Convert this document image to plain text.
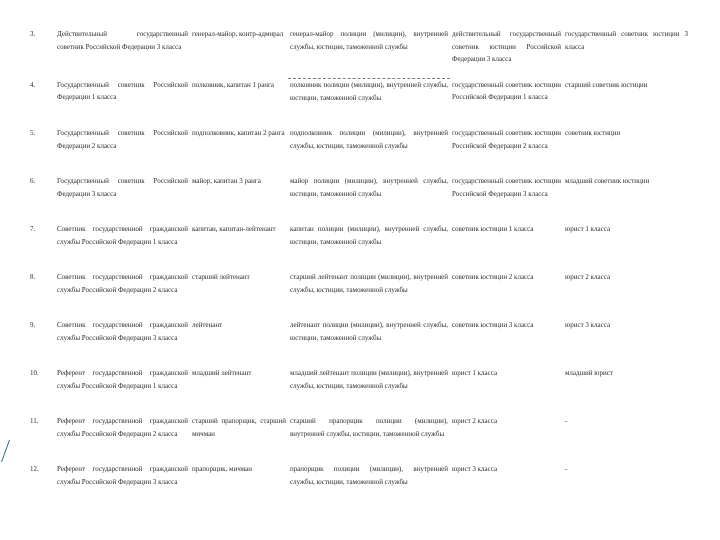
3.	Действительный государственный советник Российской Федерации 3 класса	генерал-майор, контр-адмирал	генерал-майор полиции (милиции), внутренней службы, юстиции, таможенной службы	действительный государственный советник юстиции Российской Федерации 3 класса	государственный советник юстиции 3 класса
4.	Государственный советник Российской Федерации 1 класса	полковник, капитан 1 ранга	полковник полиции (милиции), внутренней службы, юстиции, таможенной службы	государственный советник юстиции Российской Федерации 1 класса	старший советник юстиции
5.	Государственный советник Российской Федерации 2 класса	подполковник, капитан 2 ранга	подполковник полиции (милиции), внутренней службы, юстиции, таможенной службы	государственный советник юстиции Российской Федерации 2 класса	советник юстиции
6.	Государственный советник Российской Федерации 3 класса	майор, капитан 3 ранга	майор полиции (милиции), внутренней службы, юстиции, таможенной службы	государственный советник юстиции Российской Федерации 3 класса	младший советник юстиции
7.	Советник государственной гражданской службы Российской Федерации 1 класса	капитан, капитан-лейтенант	капитан полиции (милиции), внутренней службы, юстиции, таможенной службы	советник юстиции 1 класса	юрист 1 класса
8.	Советник государственной гражданской службы Российской Федерации 2 класса	старший лейтенант	старший лейтенант полиции (милиции), внутренней службы, юстиции, таможенной службы	советник юстиции 2 класса	юрист 2 класса
9.	Советник государственной гражданской службы Российской Федерации 3 класса	лейтенант	лейтенант полиции (милиции), внутренней службы, юстиции, таможенной службы	советник юстиции 3 класса	юрист 3 класса
10.	Референт государственной гражданской службы Российской Федерации 1 класса	младший лейтенант	младший лейтенант полиции (милиции), внутренней службы, юстиции, таможенной службы	юрист 1 класса	младший юрист
11.	Референт государственной гражданской службы Российской Федерации 2 класса	старший прапорщик, старший мичман	старший прапорщик полиции (милиции), внутренней службы, юстиции, таможенной службы	юрист 2 класса	-
12.	Референт государственной гражданской службы Российской Федерации 3 класса	прапорщик, мичман	прапорщик полиции (милиции), внутренней службы, юстиции, таможенной службы	юрист 3 класса	-
